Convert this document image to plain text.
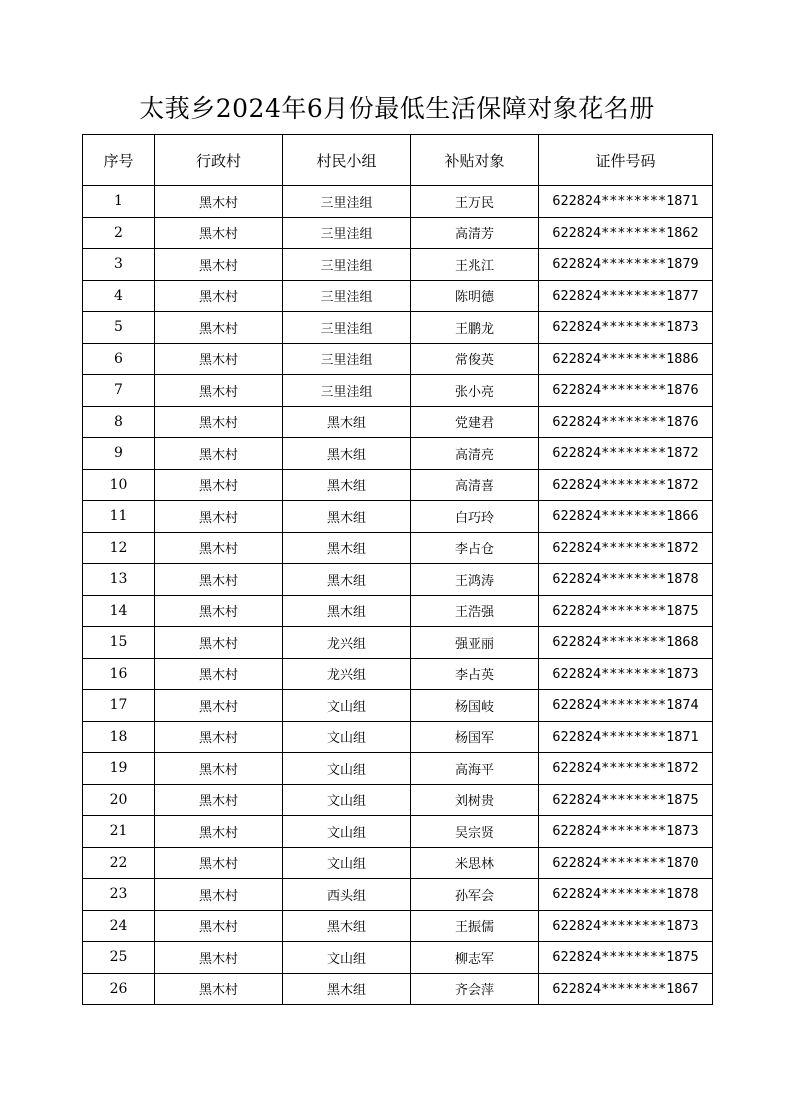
太莪乡2024年6月份最低生活保障对象花名册
序号	行政村	村民小组	补贴对象	证件号码
1	黑木村	三里洼组	王万民	622824********1871
2	黑木村	三里洼组	高清芳	622824********1862
3	黑木村	三里洼组	王兆江	622824********1879
4	黑木村	三里洼组	陈明德	622824********1877
5	黑木村	三里洼组	王鹏龙	622824********1873
6	黑木村	三里洼组	常俊英	622824********1886
7	黑木村	三里洼组	张小亮	622824********1876
8	黑木村	黑木组	党建君	622824********1876
9	黑木村	黑木组	高清亮	622824********1872
10	黑木村	黑木组	高清喜	622824********1872
11	黑木村	黑木组	白巧玲	622824********1866
12	黑木村	黑木组	李占仓	622824********1872
13	黑木村	黑木组	王鸿涛	622824********1878
14	黑木村	黑木组	王浩强	622824********1875
15	黑木村	龙兴组	强亚丽	622824********1868
16	黑木村	龙兴组	李占英	622824********1873
17	黑木村	文山组	杨国岐	622824********1874
18	黑木村	文山组	杨国军	622824********1871
19	黑木村	文山组	高海平	622824********1872
20	黑木村	文山组	刘树贵	622824********1875
21	黑木村	文山组	吴宗贤	622824********1873
22	黑木村	文山组	米思林	622824********1870
23	黑木村	西头组	孙军会	622824********1878
24	黑木村	黑木组	王振儒	622824********1873
25	黑木村	文山组	柳志军	622824********1875
26	黑木村	黑木组	齐会萍	622824********1867
